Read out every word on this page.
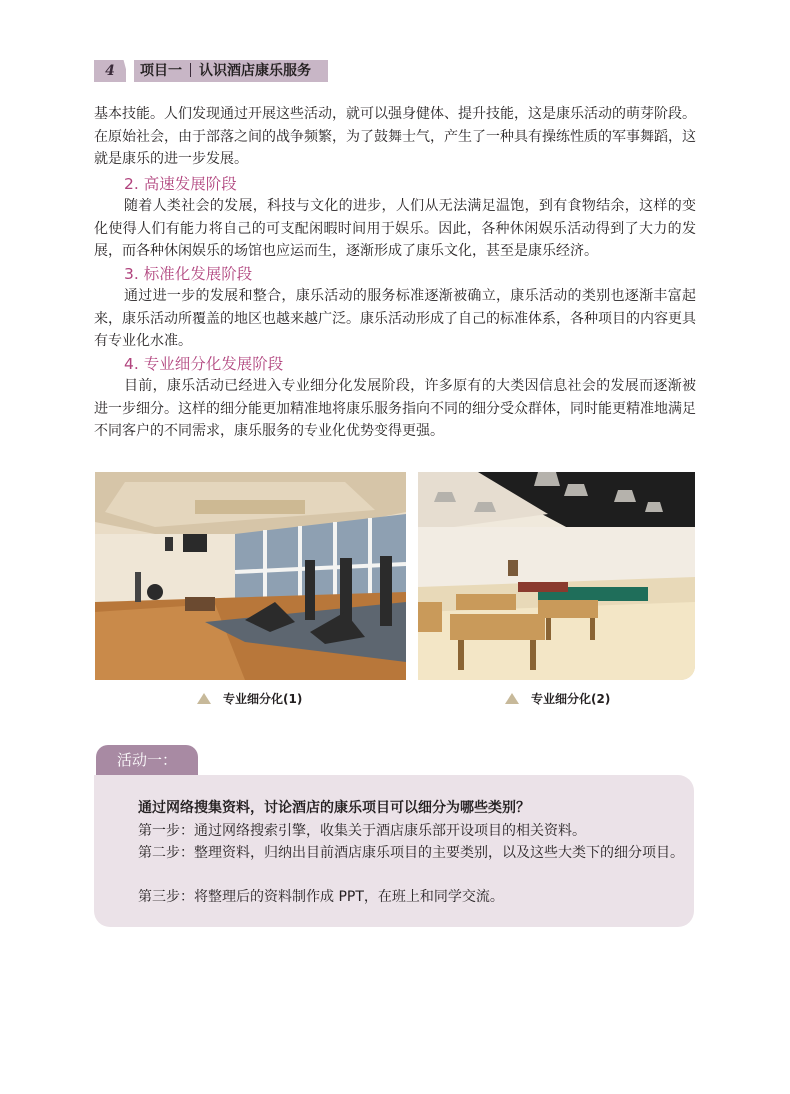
4	项目一 认识酒店康乐服务
基本技能。人们发现通过开展这些活动，就可以强身健体、提升技能，这是康乐活动的萌芽阶段。在原始社会，由于部落之间的战争频繁，为了鼓舞士气，产生了一种具有操练性质的军事舞蹈，这就是康乐的进一步发展。
2. 高速发展阶段
随着人类社会的发展，科技与文化的进步，人们从无法满足温饱，到有食物结余，这样的变化使得人们有能力将自己的可支配闲暇时间用于娱乐。因此，各种休闲娱乐活动得到了大力的发展，而各种休闲娱乐的场馆也应运而生，逐渐形成了康乐文化，甚至是康乐经济。
3. 标准化发展阶段
通过进一步的发展和整合，康乐活动的服务标准逐渐被确立，康乐活动的类别也逐渐丰富起来，康乐活动所覆盖的地区也越来越广泛。康乐活动形成了自己的标准体系，各种项目的内容更具有专业化水准。
4. 专业细分化发展阶段
目前，康乐活动已经进入专业细分化发展阶段，许多原有的大类因信息社会的发展而逐渐被进一步细分。这样的细分能更加精准地将康乐服务指向不同的细分受众群体，同时能更精准地满足不同客户的不同需求，康乐服务的专业化优势变得更强。
专业细分化(1)	专业细分化(2)
活动一：
通过网络搜集资料，讨论酒店的康乐项目可以细分为哪些类别？
第一步：通过网络搜索引擎，收集关于酒店康乐部开设项目的相关资料。
第二步：整理资料，归纳出目前酒店康乐项目的主要类别，以及这些大类下的细分项目。
第三步：将整理后的资料制作成 PPT，在班上和同学交流。
